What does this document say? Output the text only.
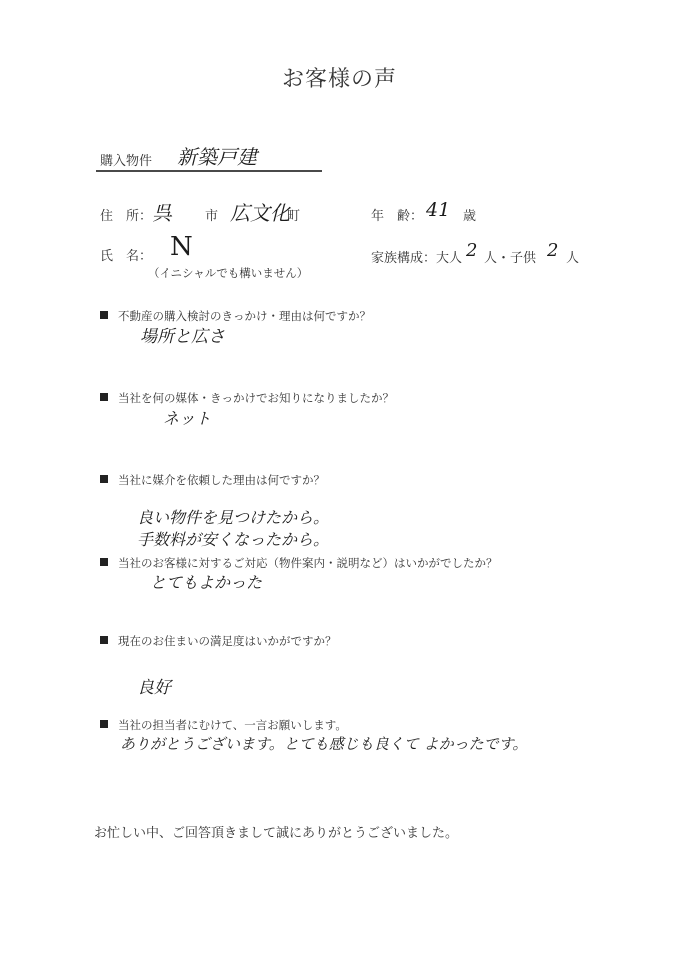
お客様の声
購入物件 新築戸建
住　所： 呉	市 広文化
町	年　齢： 41 歳
氏　名： N
（イニシャルでも構いません）
家族構成：大人 2 人・子供 2 人
不動産の購入検討のきっかけ・理由は何ですか？
場所と広さ
当社を何の媒体・きっかけでお知りになりましたか？
ネット
当社に媒介を依頼した理由は何ですか？
良い物件を見つけたから。
手数料が安くなったから。
当社のお客様に対するご対応（物件案内・説明など）はいかがでしたか？
とてもよかった
現在のお住まいの満足度はいかがですか？
良好
当社の担当者にむけて、一言お願いします。
ありがとうございます。とても感じも良くて よかったです。
お忙しい中、ご回答頂きまして誠にありがとうございました。
